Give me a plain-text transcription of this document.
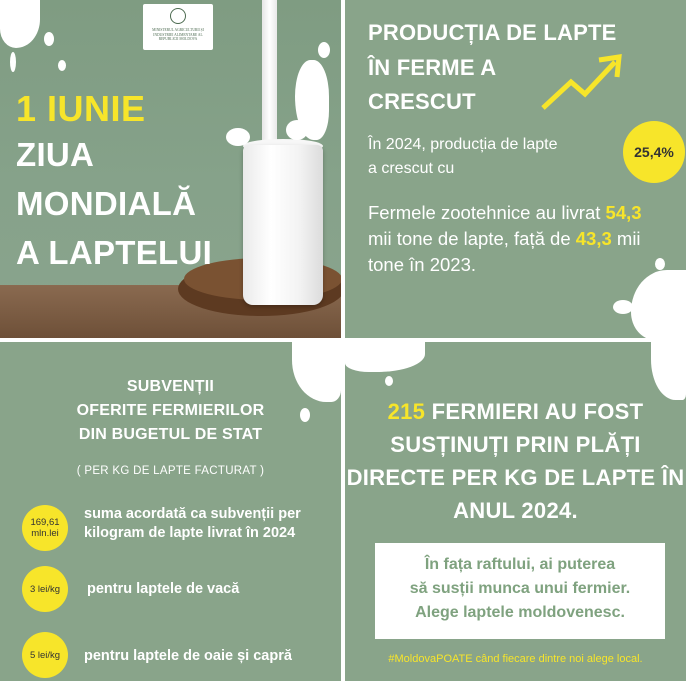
MINISTERUL AGRICULTURII ȘI INDUSTRIEI ALIMENTARE AL REPUBLICII MOLDOVA
1 IUNIE
ZIUA
MONDIALĂ
A LAPTELUI
PRODUCȚIA DE LAPTE
ÎN FERME A
CRESCUT
În 2024, producția de lapte
a crescut cu
25,4%
Fermele zootehnice au livrat 54,3 mii tone de lapte, față de 43,3 mii tone în 2023.
SUBVENȚII
OFERITE FERMIERILOR
DIN BUGETUL DE STAT
( PER KG DE LAPTE FACTURAT )
169,61 mln.lei
suma acordată ca subvenții per kilogram de lapte livrat în 2024
3 lei/kg	pentru laptele de vacă
5 lei/kg	pentru laptele de oaie și capră
215 FERMIERI AU FOST SUSȚINUȚI PRIN PLĂȚI DIRECTE PER KG DE LAPTE ÎN ANUL 2024.
În fața raftului, ai puterea
să susții munca unui fermier.
Alege laptele moldovenesc.
#MoldovaPOATE când fiecare dintre noi alege local.
